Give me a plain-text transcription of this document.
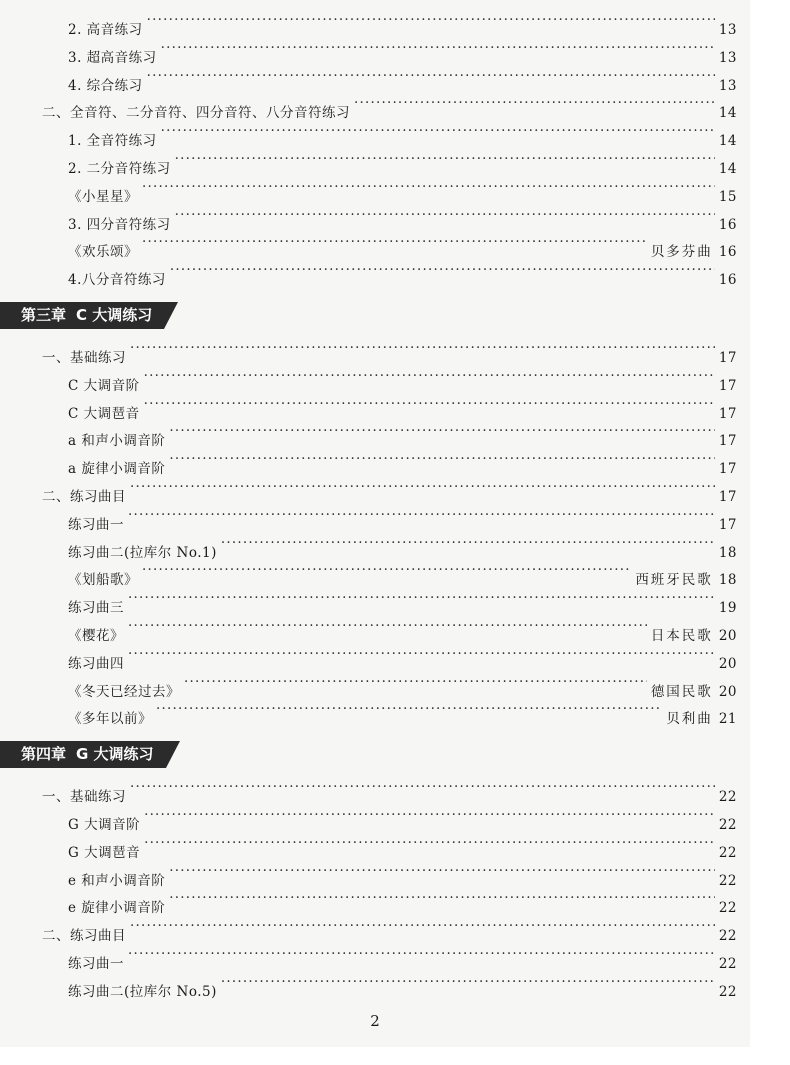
2. 高音练习 ·····	13
3. 超高音练习 ·····	13
4. 综合练习 ·····	13
二、全音符、二分音符、四分音符、八分音符练习 ·····	14
1. 全音符练习 ·····	14
2. 二分音符练习 ·····	14
《小星星》 ·····	15
3. 四分音符练习 ·····	16
《欢乐颂》 ·····	贝多芬曲 16
4.八分音符练习 ·····	16
第三章 C 大调练习
一、基础练习 ·····	17
C 大调音阶 ·····	17
C 大调琶音 ·····	17
a 和声小调音阶 ·····	17
a 旋律小调音阶 ·····	17
二、练习曲目 ·····	17
练习曲一 ·····	17
练习曲二(拉库尔 No.1) ·····	18
《划船歌》 ·····	西班牙民歌 18
练习曲三 ·····	19
《樱花》 ·····	日本民歌 20
练习曲四 ·····	20
《冬天已经过去》 ·····	德国民歌 20
《多年以前》 ·····	贝利曲 21
第四章 G 大调练习
一、基础练习 ·····	22
G 大调音阶 ·····	22
G 大调琶音 ·····	22
e 和声小调音阶 ·····	22
e 旋律小调音阶 ·····	22
二、练习曲目 ·····	22
练习曲一 ·····	22
练习曲二(拉库尔 No.5) ·····	22
2
